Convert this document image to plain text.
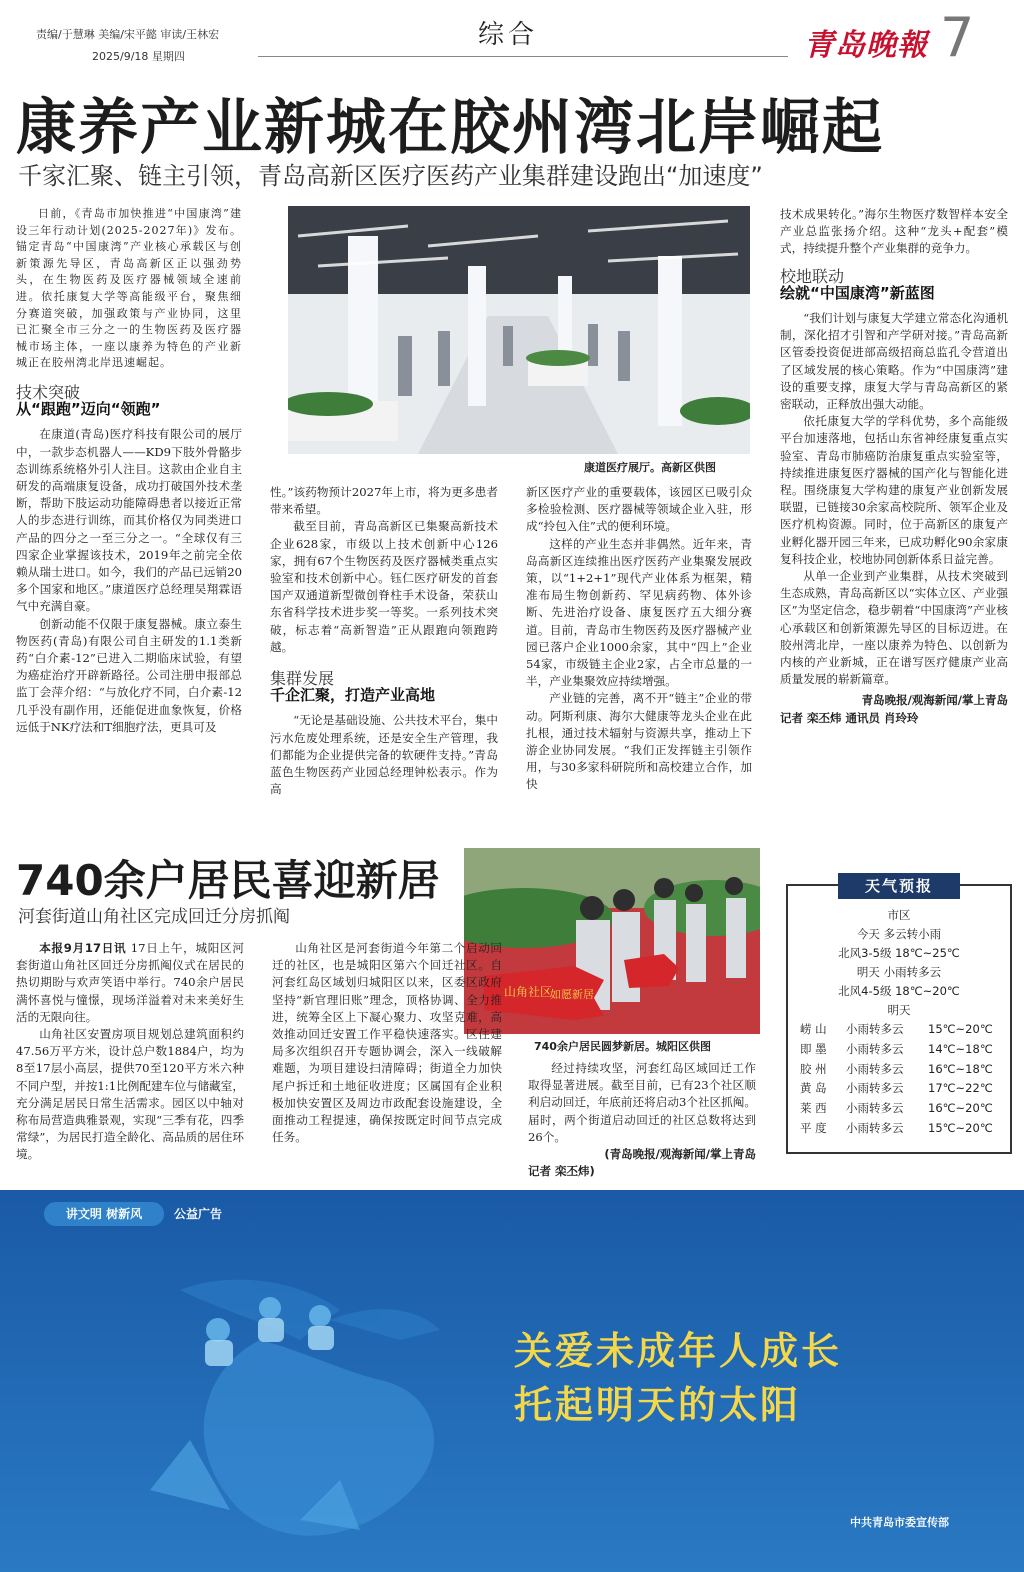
责编/于慧琳 美编/宋平懿 审读/王林宏
2025/9/18 星期四
综合	青岛晚報 7
康养产业新城在胶州湾北岸崛起
千家汇聚、链主引领，青岛高新区医疗医药产业集群建设跑出“加速度”

日前，《青岛市加快推进“中国康湾”建设三年行动计划(2025-2027年)》发布。锚定青岛“中国康湾”产业核心承载区与创新策源先导区，青岛高新区正以强劲势头，在生物医药及医疗器械领域全速前进。依托康复大学等高能级平台，聚焦细分赛道突破，加强政策与产业协同，这里已汇聚全市三分之一的生物医药及医疗器械市场主体，一座以康养为特色的产业新城正在胶州湾北岸迅速崛起。

技术突破
从“跟跑”迈向“领跑”

在康道(青岛)医疗科技有限公司的展厅中，一款步态机器人——KD9下肢外骨骼步态训练系统格外引人注目。这款由企业自主研发的高端康复设备，成功打破国外技术垄断，帮助下肢运动功能障碍患者以接近正常人的步态进行训练，而其价格仅为同类进口产品的四分之一至三分之一。“全球仅有三四家企业掌握该技术，2019年之前完全依赖从瑞士进口。如今，我们的产品已远销20多个国家和地区。”康道医疗总经理吴翔霖语气中充满自豪。

创新动能不仅限于康复器械。康立泰生物医药(青岛)有限公司自主研发的1.1类新药“白介素-12”已进入二期临床试验，有望为癌症治疗开辟新路径。公司注册申报部总监丁会萍介绍：“与放化疗不同，白介素-12几乎没有副作用，还能促进血象恢复，价格远低于NK疗法和T细胞疗法，更具可及

康道医疗展厅。高新区供图

性。”该药物预计2027年上市，将为更多患者带来希望。

截至目前，青岛高新区已集聚高新技术企业628家，市级以上技术创新中心126家，拥有67个生物医药及医疗器械类重点实验室和技术创新中心。钰仁医疗研发的首套国产双通道新型微创脊柱手术设备，荣获山东省科学技术进步奖一等奖。一系列技术突破，标志着“高新智造”正从跟跑向领跑跨越。

集群发展
千企汇聚，打造产业高地

“无论是基础设施、公共技术平台，集中污水危废处理系统，还是安全生产管理，我们都能为企业提供完备的软硬件支持。”青岛蓝色生物医药产业园总经理钟松表示。作为高

新区医疗产业的重要载体，该园区已吸引众多检验检测、医疗器械等领域企业入驻，形成“拎包入住”式的便利环境。

这样的产业生态并非偶然。近年来，青岛高新区连续推出医疗医药产业集聚发展政策，以“1+2+1”现代产业体系为框架，精准布局生物创新药、罕见病药物、体外诊断、先进治疗设备、康复医疗五大细分赛道。目前，青岛市生物医药及医疗器械产业园已落户企业1000余家，其中“四上”企业54家，市级链主企业2家，占全市总量的一半，产业集聚效应持续增强。

产业链的完善，离不开“链主”企业的带动。阿斯利康、海尔大健康等龙头企业在此扎根，通过技术辐射与资源共享，推动上下游企业协同发展。“我们正发挥链主引领作用，与30多家科研院所和高校建立合作，加快

技术成果转化。”海尔生物医疗数智样本安全产业总监张扬介绍。这种“龙头+配套”模式，持续提升整个产业集群的竞争力。

校地联动
绘就“中国康湾”新蓝图

“我们计划与康复大学建立常态化沟通机制，深化招才引智和产学研对接。”青岛高新区管委投资促进部高级招商总监孔令营道出了区域发展的核心策略。作为“中国康湾”建设的重要支撑，康复大学与青岛高新区的紧密联动，正释放出强大动能。

依托康复大学的学科优势，多个高能级平台加速落地，包括山东省神经康复重点实验室、青岛市肺癌防治康复重点实验室等，持续推进康复医疗器械的国产化与智能化进程。围绕康复大学构建的康复产业创新发展联盟，已链接30余家高校院所、领军企业及医疗机构资源。同时，位于高新区的康复产业孵化器开园三年来，已成功孵化90余家康复科技企业，校地协同创新体系日益完善。

从单一企业到产业集群，从技术突破到生态成熟，青岛高新区以“实体立区、产业强区”为坚定信念，稳步朝着“中国康湾”产业核心承载区和创新策源先导区的目标迈进。在胶州湾北岸，一座以康养为特色、以创新为内核的产业新城，正在谱写医疗健康产业高质量发展的崭新篇章。

青岛晚报/观海新闻/掌上青岛
记者 栾丕炜 通讯员 肖玲玲
740余户居民喜迎新居
河套街道山角社区完成回迁分房抓阄
山角社区
如愿新居
740余户居民圆梦新居。城阳区供图

本报9月17日讯 17日上午，城阳区河套街道山角社区回迁分房抓阄仪式在居民的热切期盼与欢声笑语中举行。740余户居民满怀喜悦与憧憬，现场洋溢着对未来美好生活的无限向往。

山角社区安置房项目规划总建筑面积约47.56万平方米，设计总户数1884户，均为8至17层小高层，提供70至120平方米六种不同户型，并按1:1比例配建车位与储藏室，充分满足居民日常生活需求。园区以中轴对称布局营造典雅景观，实现“三季有花，四季常绿”，为居民打造全龄化、高品质的居住环境。

山角社区是河套街道今年第二个启动回迁的社区，也是城阳区第六个回迁社区。自河套红岛区域划归城阳区以来，区委区政府坚持“新官理旧账”理念，顶格协调、全力推进，统筹全区上下凝心聚力、攻坚克难，高效推动回迁安置工作平稳快速落实。区住建局多次组织召开专题协调会，深入一线破解难题，为项目建设扫清障碍；街道全力加快尾户拆迁和土地征收进度；区属国有企业积极加快安置区及周边市政配套设施建设，全面推动工程提速，确保按既定时间节点完成任务。

经过持续攻坚，河套红岛区域回迁工作取得显著进展。截至目前，已有23个社区顺利启动回迁，年底前还将启动3个社区抓阄。届时，两个街道启动回迁的社区总数将达到26个。

(青岛晚报/观海新闻/掌上青岛
记者 栾丕炜)
天气预报
市区
今天 多云转小雨
北风3-5级 18℃~25℃
明天 小雨转多云
北风4-5级 18℃~20℃
明天
崂 山 小雨转多云 15℃~20℃
即 墨 小雨转多云 14℃~18℃
胶 州 小雨转多云 16℃~18℃
黄 岛 小雨转多云 17℃~22℃
莱 西 小雨转多云 16℃~20℃
平 度 小雨转多云 15℃~20℃
讲文明 树新风	公益广告
关爱未成年人成长
托起明天的太阳
中共青岛市委宣传部
